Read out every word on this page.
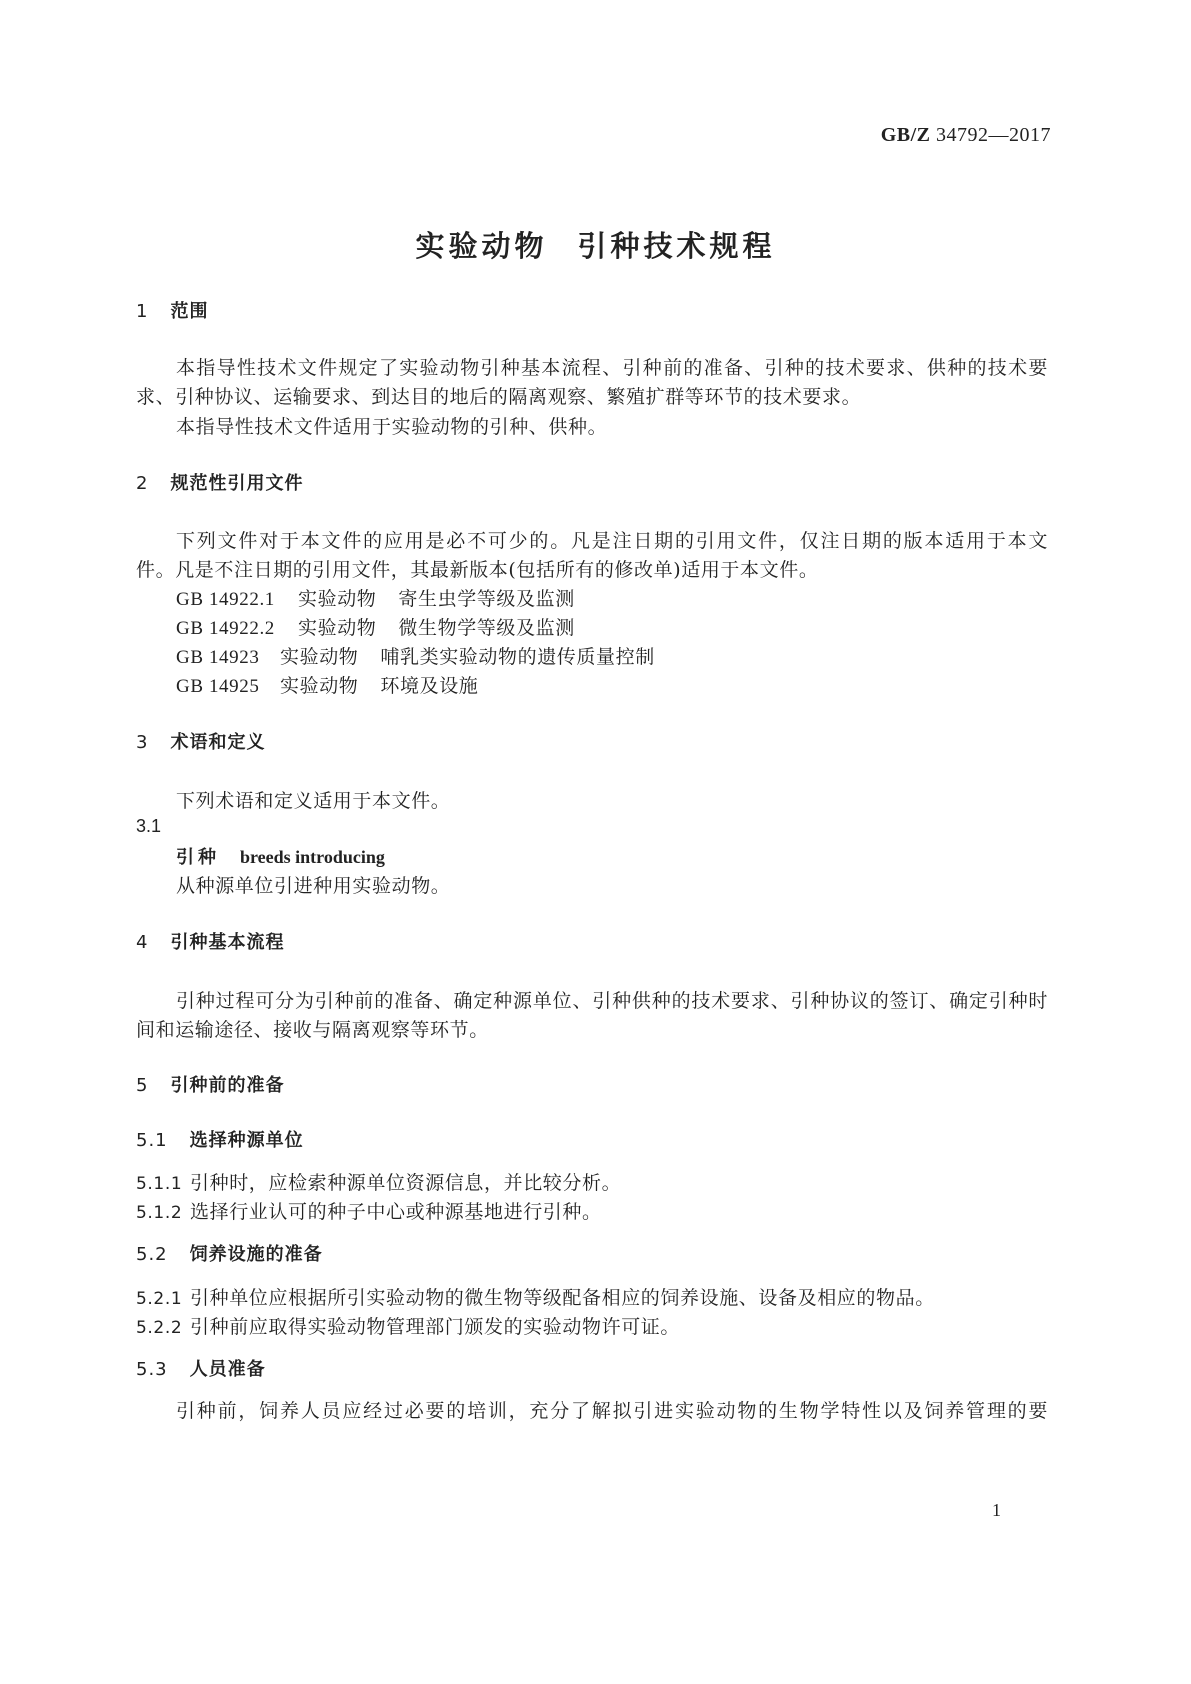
GB/Z 34792—2017
实验动物 引种技术规程
1 范围
本指导性技术文件规定了实验动物引种基本流程、引种前的准备、引种的技术要求、供种的技术要
求、引种协议、运输要求、到达目的地后的隔离观察、繁殖扩群等环节的技术要求。
本指导性技术文件适用于实验动物的引种、供种。
2 规范性引用文件
下列文件对于本文件的应用是必不可少的。凡是注日期的引用文件，仅注日期的版本适用于本文
件。凡是不注日期的引用文件，其最新版本(包括所有的修改单)适用于本文件。
GB 14922.1 实验动物 寄生虫学等级及监测
GB 14922.2 实验动物 微生物学等级及监测
GB 14923 实验动物 哺乳类实验动物的遗传质量控制
GB 14925 实验动物 环境及设施
3 术语和定义
下列术语和定义适用于本文件。
3.1
引种 breeds introducing
从种源单位引进种用实验动物。
4 引种基本流程
引种过程可分为引种前的准备、确定种源单位、引种供种的技术要求、引种协议的签订、确定引种时
间和运输途径、接收与隔离观察等环节。
5 引种前的准备
5.1 选择种源单位
5.1.1 引种时，应检索种源单位资源信息，并比较分析。
5.1.2 选择行业认可的种子中心或种源基地进行引种。
5.2 饲养设施的准备
5.2.1 引种单位应根据所引实验动物的微生物等级配备相应的饲养设施、设备及相应的物品。
5.2.2 引种前应取得实验动物管理部门颁发的实验动物许可证。
5.3 人员准备
引种前，饲养人员应经过必要的培训，充分了解拟引进实验动物的生物学特性以及饲养管理的要
1
